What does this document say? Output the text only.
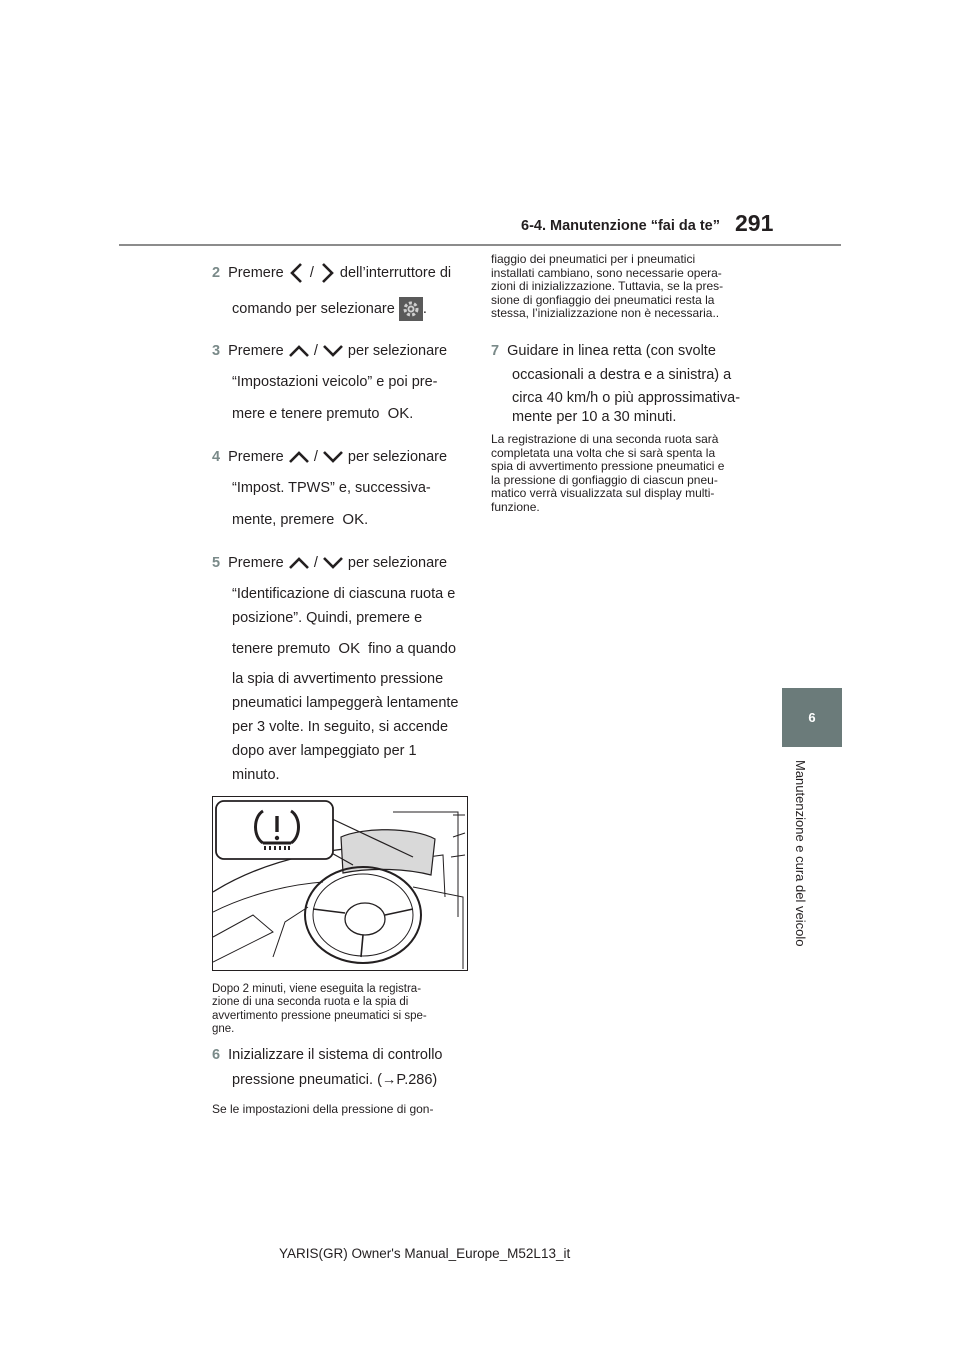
6-4. Manutenzione “fai da te” 291
6
Manutenzione e cura del veicolo
2 Premere / dell’interruttore di
comando per selezionare .
3 Premere / per selezionare
“Impostazioni veicolo” e poi pre-
mere e tenere premuto OK.
4 Premere / per selezionare
“Impost. TPWS” e, successiva-
mente, premere OK.
5 Premere / per selezionare
“Identificazione di ciascuna ruota e
posizione”. Quindi, premere e
tenere premuto OK fino a quando
la spia di avvertimento pressione
pneumatici lampeggerà lentamente
per 3 volte. In seguito, si accende
dopo aver lampeggiato per 1
minuto.
Dopo 2 minuti, viene eseguita la registra-
zione di una seconda ruota e la spia di
avvertimento pressione pneumatici si spe-
gne.
6 Inizializzare il sistema di controllo
pressione pneumatici. (→P.286)
Se le impostazioni della pressione di gon-
fiaggio dei pneumatici per i pneumatici
installati cambiano, sono necessarie opera-
zioni di inizializzazione. Tuttavia, se la pres-
sione di gonfiaggio dei pneumatici resta la
stessa, l’inizializzazione non è necessaria..
7 Guidare in linea retta (con svolte
occasionali a destra e a sinistra) a
circa 40 km/h o più approssimativa-
mente per 10 a 30 minuti.
La registrazione di una seconda ruota sarà
completata una volta che si sarà spenta la
spia di avvertimento pressione pneumatici e
la pressione di gonfiaggio di ciascun pneu-
matico verrà visualizzata sul display multi-
funzione.
YARIS(GR) Owner's Manual_Europe_M52L13_it
